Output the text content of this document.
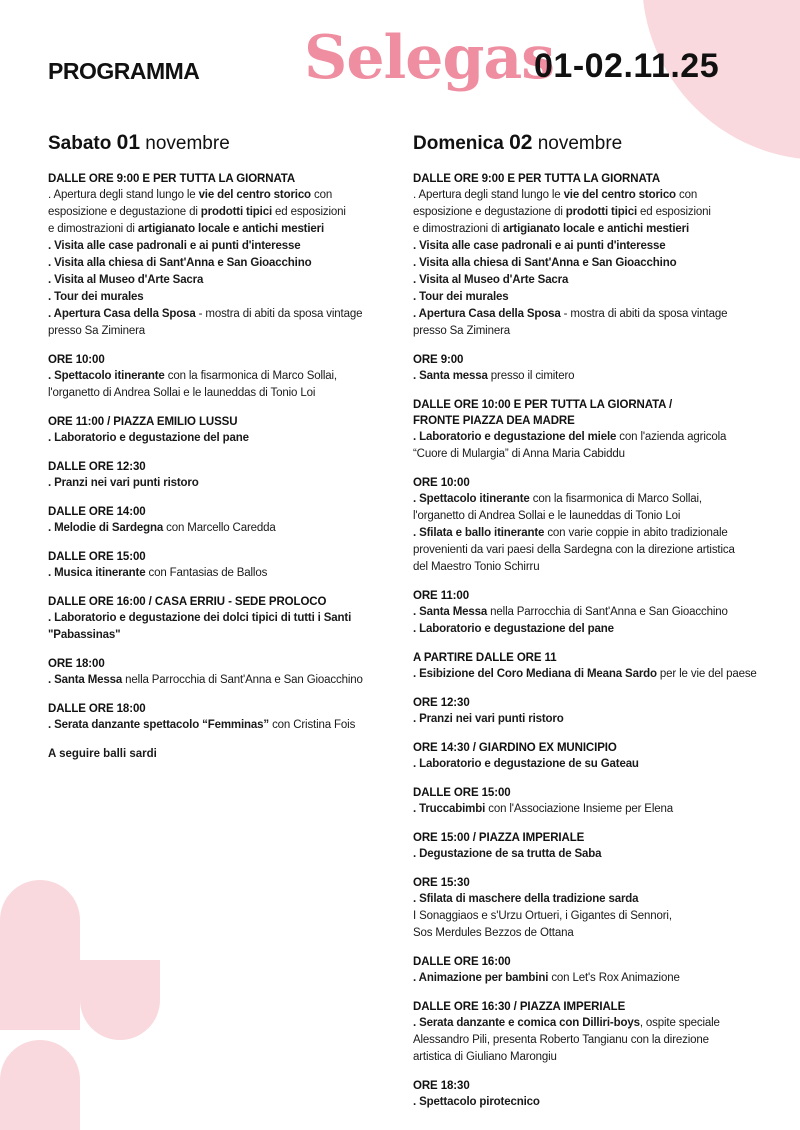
PROGRAMMA Selegas
01-02.11.25
Sabato 01 novembre
DALLE ORE 9:00 E PER TUTTA LA GIORNATA
. Apertura degli stand lungo le vie del centro storico con
esposizione e degustazione di prodotti tipici ed esposizioni
e dimostrazioni di artigianato locale e antichi mestieri
. Visita alle case padronali e ai punti d'interesse
. Visita alla chiesa di Sant'Anna e San Gioacchino
. Visita al Museo d'Arte Sacra
. Tour dei murales
. Apertura Casa della Sposa - mostra di abiti da sposa vintage
presso Sa Ziminera
ORE 10:00
. Spettacolo itinerante con la fisarmonica di Marco Sollai,
l'organetto di Andrea Sollai e le launeddas di Tonio Loi
ORE 11:00 / PIAZZA EMILIO LUSSU
. Laboratorio e degustazione del pane
DALLE ORE 12:30
. Pranzi nei vari punti ristoro
DALLE ORE 14:00
. Melodie di Sardegna con Marcello Caredda
DALLE ORE 15:00
. Musica itinerante con Fantasias de Ballos
DALLE ORE 16:00 / CASA ERRIU - SEDE PROLOCO
. Laboratorio e degustazione dei dolci tipici di tutti i Santi
"Pabassinas"
ORE 18:00
. Santa Messa nella Parrocchia di Sant'Anna e San Gioacchino
DALLE ORE 18:00
. Serata danzante spettacolo “Femminas” con Cristina Fois
A seguire balli sardi
Domenica 02 novembre
DALLE ORE 9:00 E PER TUTTA LA GIORNATA
. Apertura degli stand lungo le vie del centro storico con
esposizione e degustazione di prodotti tipici ed esposizioni
e dimostrazioni di artigianato locale e antichi mestieri
. Visita alle case padronali e ai punti d'interesse
. Visita alla chiesa di Sant'Anna e San Gioacchino
. Visita al Museo d'Arte Sacra
. Tour dei murales
. Apertura Casa della Sposa - mostra di abiti da sposa vintage
presso Sa Ziminera
ORE 9:00
. Santa messa presso il cimitero
DALLE ORE 10:00 E PER TUTTA LA GIORNATA /
FRONTE PIAZZA DEA MADRE
. Laboratorio e degustazione del miele con l'azienda agricola
“Cuore di Mulargia” di Anna Maria Cabiddu
ORE 10:00
. Spettacolo itinerante con la fisarmonica di Marco Sollai,
l'organetto di Andrea Sollai e le launeddas di Tonio Loi
. Sfilata e ballo itinerante con varie coppie in abito tradizionale
provenienti da vari paesi della Sardegna con la direzione artistica
del Maestro Tonio Schirru
ORE 11:00
. Santa Messa nella Parrocchia di Sant'Anna e San Gioacchino
. Laboratorio e degustazione del pane
A PARTIRE DALLE ORE 11
. Esibizione del Coro Mediana di Meana Sardo per le vie del paese
ORE 12:30
. Pranzi nei vari punti ristoro
ORE 14:30 / GIARDINO EX MUNICIPIO
. Laboratorio e degustazione de su Gateau
DALLE ORE 15:00
. Truccabimbi con l'Associazione Insieme per Elena
ORE 15:00 / PIAZZA IMPERIALE
. Degustazione de sa trutta de Saba
ORE 15:30
. Sfilata di maschere della tradizione sarda
I Sonaggiaos e s'Urzu Ortueri, i Gigantes di Sennori,
Sos Merdules Bezzos de Ottana
DALLE ORE 16:00
. Animazione per bambini con Let's Rox Animazione
DALLE ORE 16:30 / PIAZZA IMPERIALE
. Serata danzante e comica con Dilliri-boys, ospite speciale
Alessandro Pili, presenta Roberto Tangianu con la direzione
artistica di Giuliano Marongiu
ORE 18:30
. Spettacolo pirotecnico
